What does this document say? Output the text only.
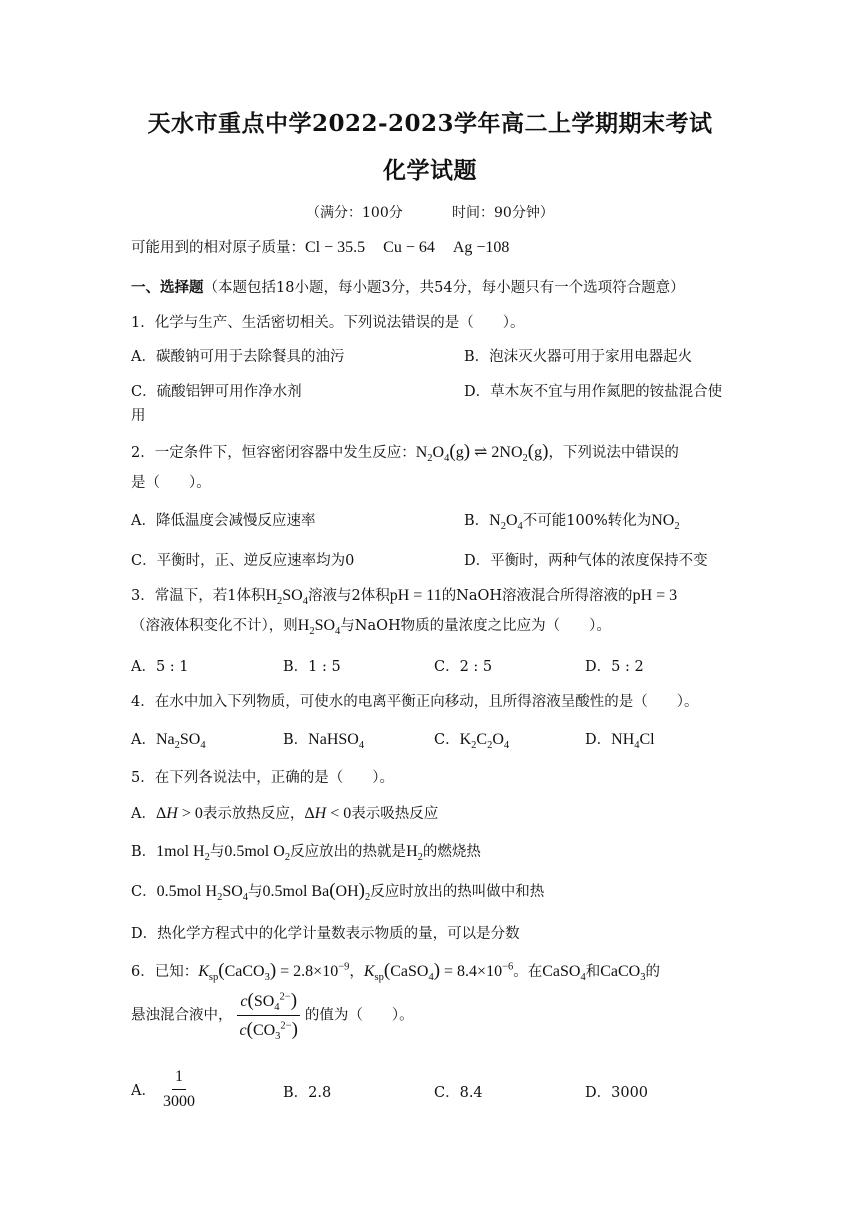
天水市重点中学2022-2023学年高二上学期期末考试
化学试题
（满分：100分	时间：90分钟）
可能用到的相对原子质量：Cl − 35.5 Cu − 64 Ag −108
一、选择题（本题包括18小题，每小题3分，共54分，每小题只有一个选项符合题意）
1．化学与生产、生活密切相关。下列说法错误的是（　　）。
A．碳酸钠可用于去除餐具的油污	B．泡沫灭火器可用于家用电器起火
C．硫酸铝钾可用作净水剂	D．草木灰不宜与用作氮肥的铵盐混合使
用
2．一定条件下，恒容密闭容器中发生反应：$N_2O_4(g)$ ⇌ $2NO_2(g)$，下列说法中错误的
是（　　）。
A．降低温度会减慢反应速率	B．$N_2O_4$不可能100%转化为$NO_2$
C．平衡时，正、逆反应速率均为0	D．平衡时，两种气体的浓度保持不变
3．常温下，若1体积$H_2SO_4$溶液与2体积pH = 11的NaOH溶液混合所得溶液的pH = 3
（溶液体积变化不计），则$H_2SO_4$与NaOH物质的量浓度之比应为（　　）。
A．5 : 1	B．1 : 5	C．2 : 5	D．5 : 2
4．在水中加入下列物质，可使水的电离平衡正向移动，且所得溶液呈酸性的是（　　）。
A．$Na_2SO_4$	B．NaHSO$_4$	C．$K_2C_2O_4$	D．$NH_4Cl$
5．在下列各说法中，正确的是（　　）。
A．ΔH > 0表示放热反应，ΔH < 0表示吸热反应
B．1mol $H_2$与0.5mol $O_2$反应放出的热就是$H_2$的燃烧热
C．0.5mol $H_2SO_4$与0.5mol $Ba(OH)_2$反应时放出的热叫做中和热
D．热化学方程式中的化学计量数表示物质的量，可以是分数
6．已知：$K_{sp}(CaCO_3) = 2.8\times 10^{-9}$，$K_{sp}(CaSO_4) = 8.4\times 10^{-6}$。在CaSO$_4$和CaCO$_3$的
悬浊混合液中， $\frac{c(SO_4^{2-})}{c(CO_3^{2-})}$ 的值为（　　）。
A． $\frac{1}{3000}$	B．2.8	C．8.4	D．3000
